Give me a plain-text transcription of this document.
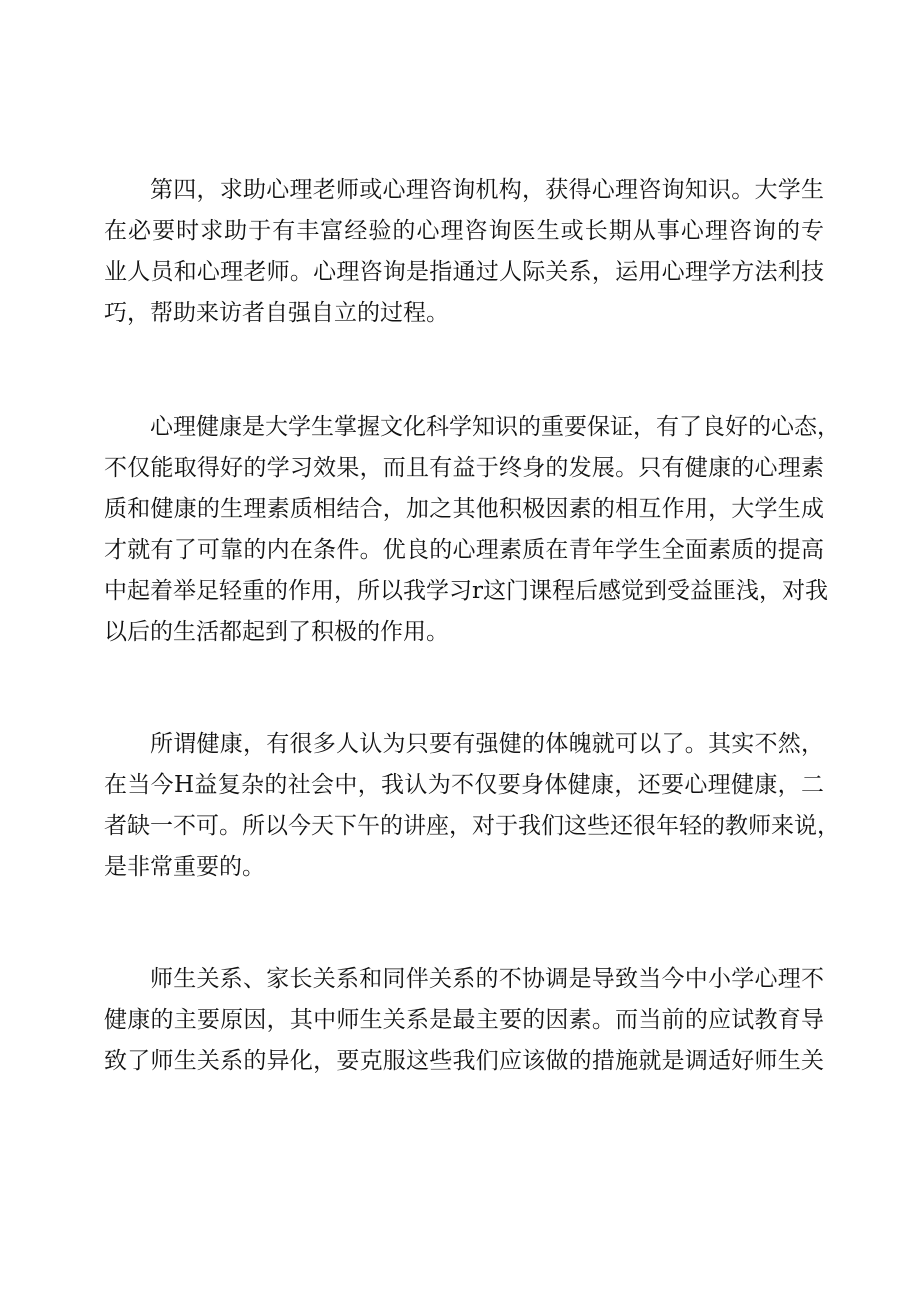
第四，求助心理老师或心理咨询机构，获得心理咨询知识。大学生
在必要时求助于有丰富经验的心理咨询医生或长期从事心理咨询的专
业人员和心理老师。心理咨询是指通过人际关系，运用心理学方法利技
巧，帮助来访者自强自立的过程。

心理健康是大学生掌握文化科学知识的重要保证，有了良好的心态，
不仅能取得好的学习效果，而且有益于终身的发展。只有健康的心理素
质和健康的生理素质相结合，加之其他积极因素的相互作用，大学生成
才就有了可靠的内在条件。优良的心理素质在青年学生全面素质的提高
中起着举足轻重的作用，所以我学习r这门课程后感觉到受益匪浅，对我
以后的生活都起到了积极的作用。

所谓健康，有很多人认为只要有强健的体魄就可以了。其实不然，
在当今H益复杂的社会中，我认为不仅要身体健康，还要心理健康，二
者缺一不可。所以今天下午的讲座，对于我们这些还很年轻的教师来说，
是非常重要的。

师生关系、家长关系和同伴关系的不协调是导致当今中小学心理不
健康的主要原因，其中师生关系是最主要的因素。而当前的应试教育导
致了师生关系的异化，要克服这些我们应该做的措施就是调适好师生关
